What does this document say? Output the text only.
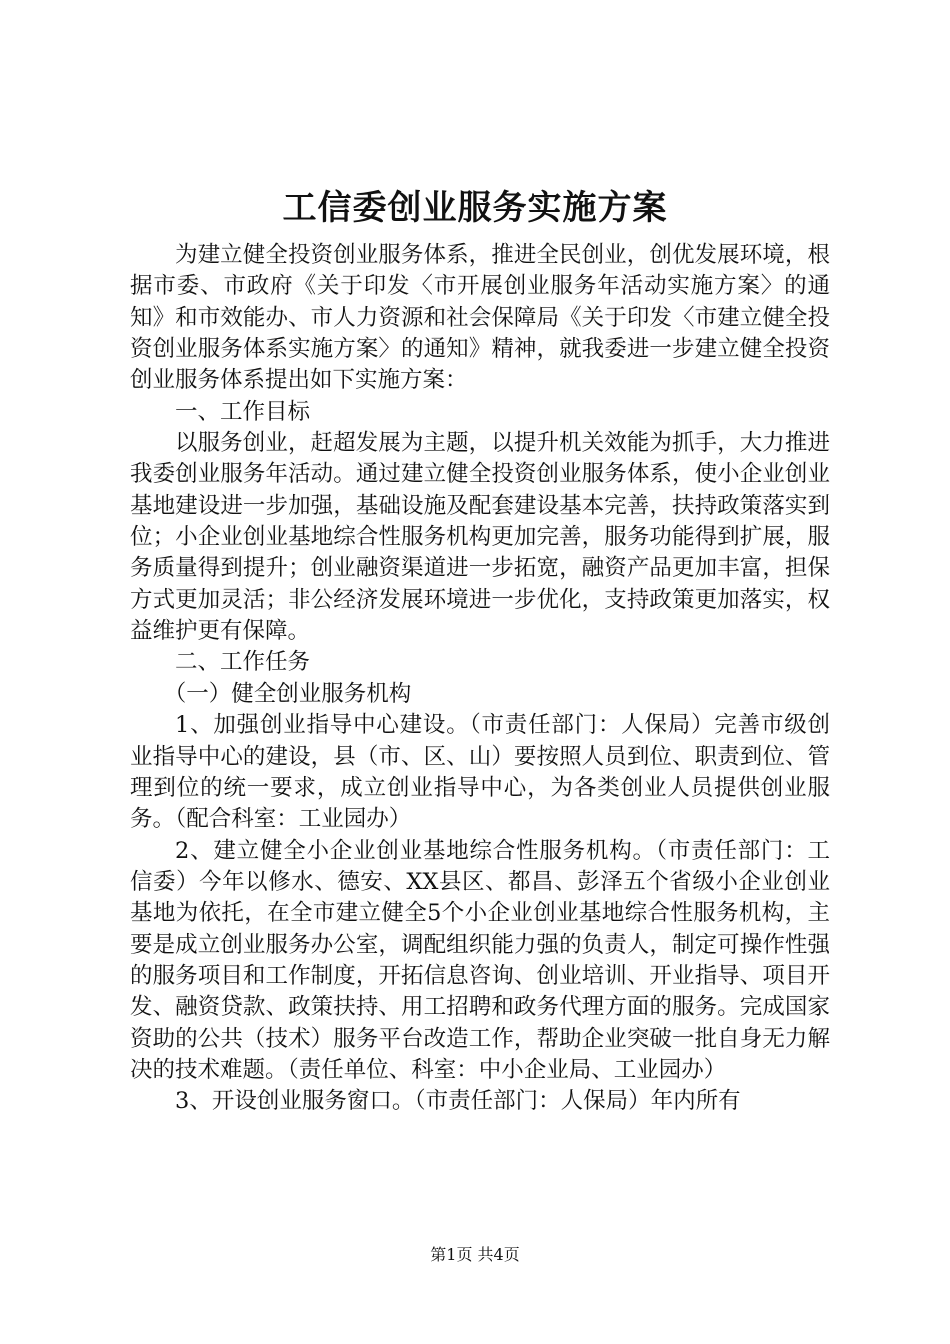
工信委创业服务实施方案

为建立健全投资创业服务体系，推进全民创业，创优发展环境，根据市委、市政府《关于印发〈市开展创业服务年活动实施方案〉的通知》和市效能办、市人力资源和社会保障局《关于印发〈市建立健全投资创业服务体系实施方案〉的通知》精神，就我委进一步建立健全投资创业服务体系提出如下实施方案：

一、工作目标

以服务创业，赶超发展为主题，以提升机关效能为抓手，大力推进我委创业服务年活动。通过建立健全投资创业服务体系，使小企业创业基地建设进一步加强，基础设施及配套建设基本完善，扶持政策落实到位；小企业创业基地综合性服务机构更加完善，服务功能得到扩展，服务质量得到提升；创业融资渠道进一步拓宽，融资产品更加丰富，担保方式更加灵活；非公经济发展环境进一步优化，支持政策更加落实，权益维护更有保障。

二、工作任务

（一）健全创业服务机构

1、加强创业指导中心建设。（市责任部门：人保局）完善市级创业指导中心的建设，县（市、区、山）要按照人员到位、职责到位、管理到位的统一要求，成立创业指导中心，为各类创业人员提供创业服务。（配合科室：工业园办）

2、建立健全小企业创业基地综合性服务机构。（市责任部门：工信委）今年以修水、德安、XX县区、都昌、彭泽五个省级小企业创业基地为依托，在全市建立健全5个小企业创业基地综合性服务机构，主要是成立创业服务办公室，调配组织能力强的负责人，制定可操作性强的服务项目和工作制度，开拓信息咨询、创业培训、开业指导、项目开发、融资贷款、政策扶持、用工招聘和政务代理方面的服务。完成国家资助的公共（技术）服务平台改造工作，帮助企业突破一批自身无力解决的技术难题。（责任单位、科室：中小企业局、工业园办）

3、开设创业服务窗口。（市责任部门：人保局）年内所有

第1页 共4页
